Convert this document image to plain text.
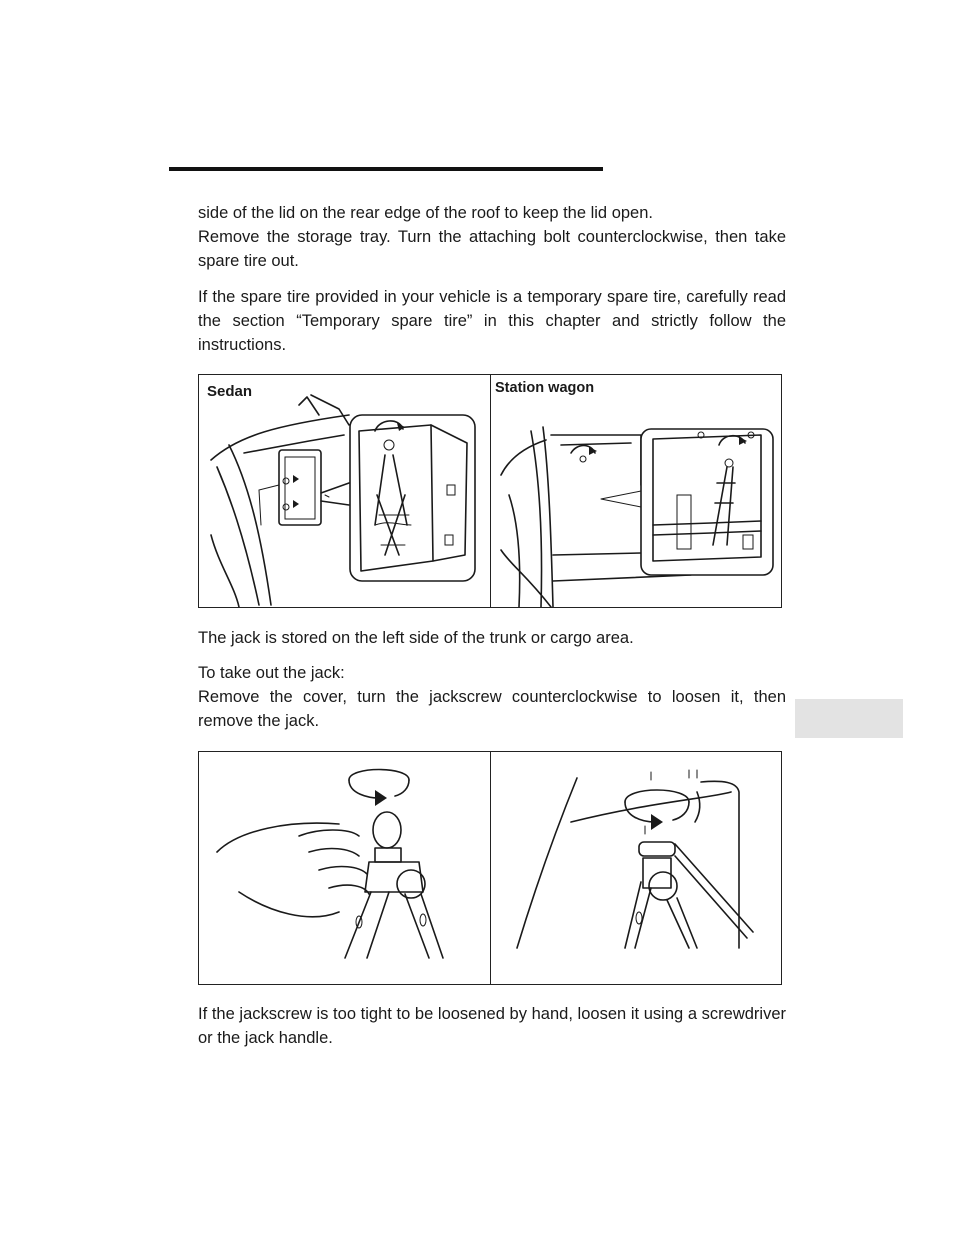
side of the lid on the rear edge of the roof to keep the lid open.
Remove the storage tray. Turn the attaching bolt counterclockwise, then take spare tire out.

If the spare tire provided in your vehicle is a temporary spare tire, carefully read the section “Temporary spare tire” in this chapter and strictly follow the instructions.

Sedan	Station wagon

The jack is stored on the left side of the trunk or cargo area.

To take out the jack:
Remove the cover, turn the jackscrew counterclockwise to loosen it, then remove the jack.

If the jackscrew is too tight to be loosened by hand, loosen it using a screwdriver or the jack handle.
